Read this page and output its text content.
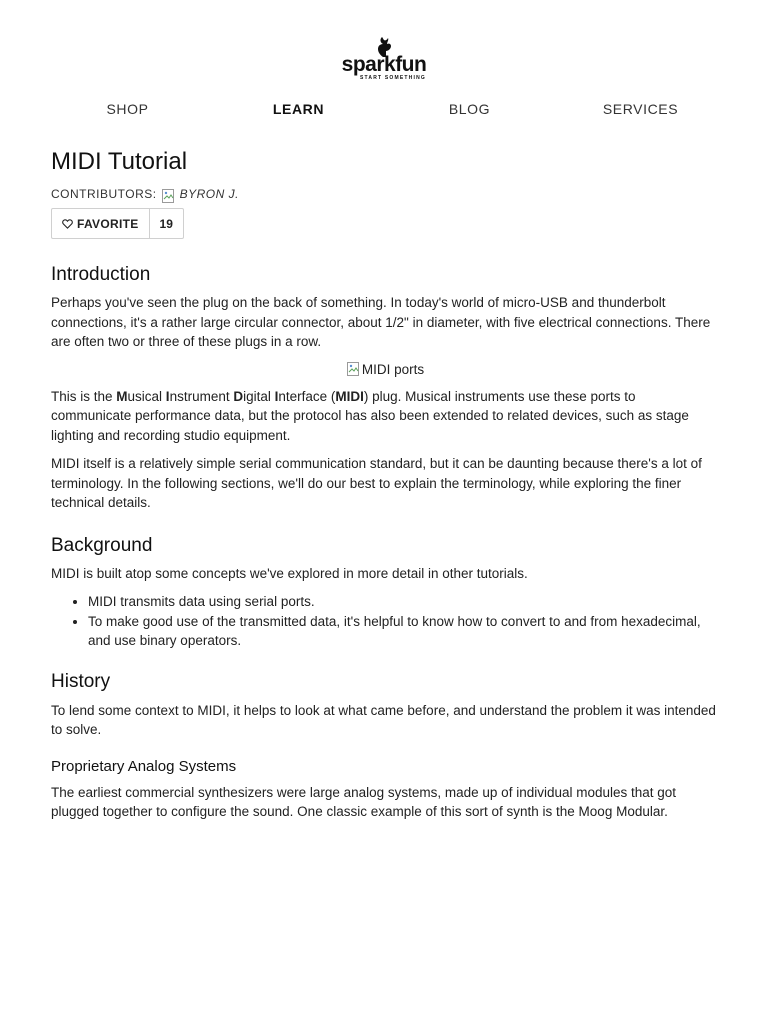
sparkfun
START SOMETHING
SHOP	LEARN	BLOG	SERVICES
MIDI Tutorial
CONTRIBUTORS: BYRON J.
FAVORITE	19
Introduction

Perhaps you've seen the plug on the back of something. In today's world of micro-USB and thunderbolt connections, it's a rather large circular connector, about 1/2" in diameter, with five electrical connections. There are often two or three of these plugs in a row.

MIDI ports

This is the Musical Instrument Digital Interface (MIDI) plug. Musical instruments use these ports to communicate performance data, but the protocol has also been extended to related devices, such as stage lighting and recording studio equipment.

MIDI itself is a relatively simple serial communication standard, but it can be daunting because there's a lot of terminology. In the following sections, we'll do our best to explain the terminology, while exploring the finer technical details.

Background

MIDI is built atop some concepts we've explored in more detail in other tutorials.

• MIDI transmits data using serial ports.
• To make good use of the transmitted data, it's helpful to know how to convert to and from hexadecimal, and use binary operators.
History

To lend some context to MIDI, it helps to look at what came before, and understand the problem it was intended to solve.

Proprietary Analog Systems

The earliest commercial synthesizers were large analog systems, made up of individual modules that got plugged together to configure the sound. One classic example of this sort of synth is the Moog Modular.
